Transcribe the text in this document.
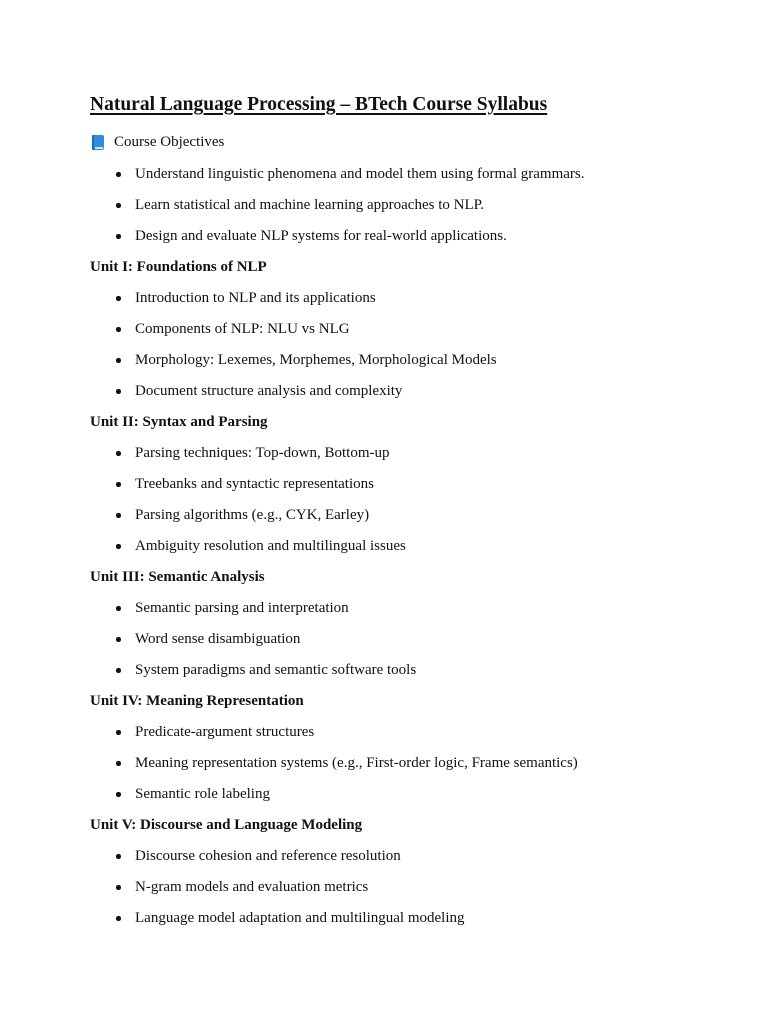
Natural Language Processing – BTech Course Syllabus
Course Objectives
Understand linguistic phenomena and model them using formal grammars.
Learn statistical and machine learning approaches to NLP.
Design and evaluate NLP systems for real-world applications.
Unit I: Foundations of NLP
Introduction to NLP and its applications
Components of NLP: NLU vs NLG
Morphology: Lexemes, Morphemes, Morphological Models
Document structure analysis and complexity
Unit II: Syntax and Parsing
Parsing techniques: Top-down, Bottom-up
Treebanks and syntactic representations
Parsing algorithms (e.g., CYK, Earley)
Ambiguity resolution and multilingual issues
Unit III: Semantic Analysis
Semantic parsing and interpretation
Word sense disambiguation
System paradigms and semantic software tools
Unit IV: Meaning Representation
Predicate-argument structures
Meaning representation systems (e.g., First-order logic, Frame semantics)
Semantic role labeling
Unit V: Discourse and Language Modeling
Discourse cohesion and reference resolution
N-gram models and evaluation metrics
Language model adaptation and multilingual modeling
